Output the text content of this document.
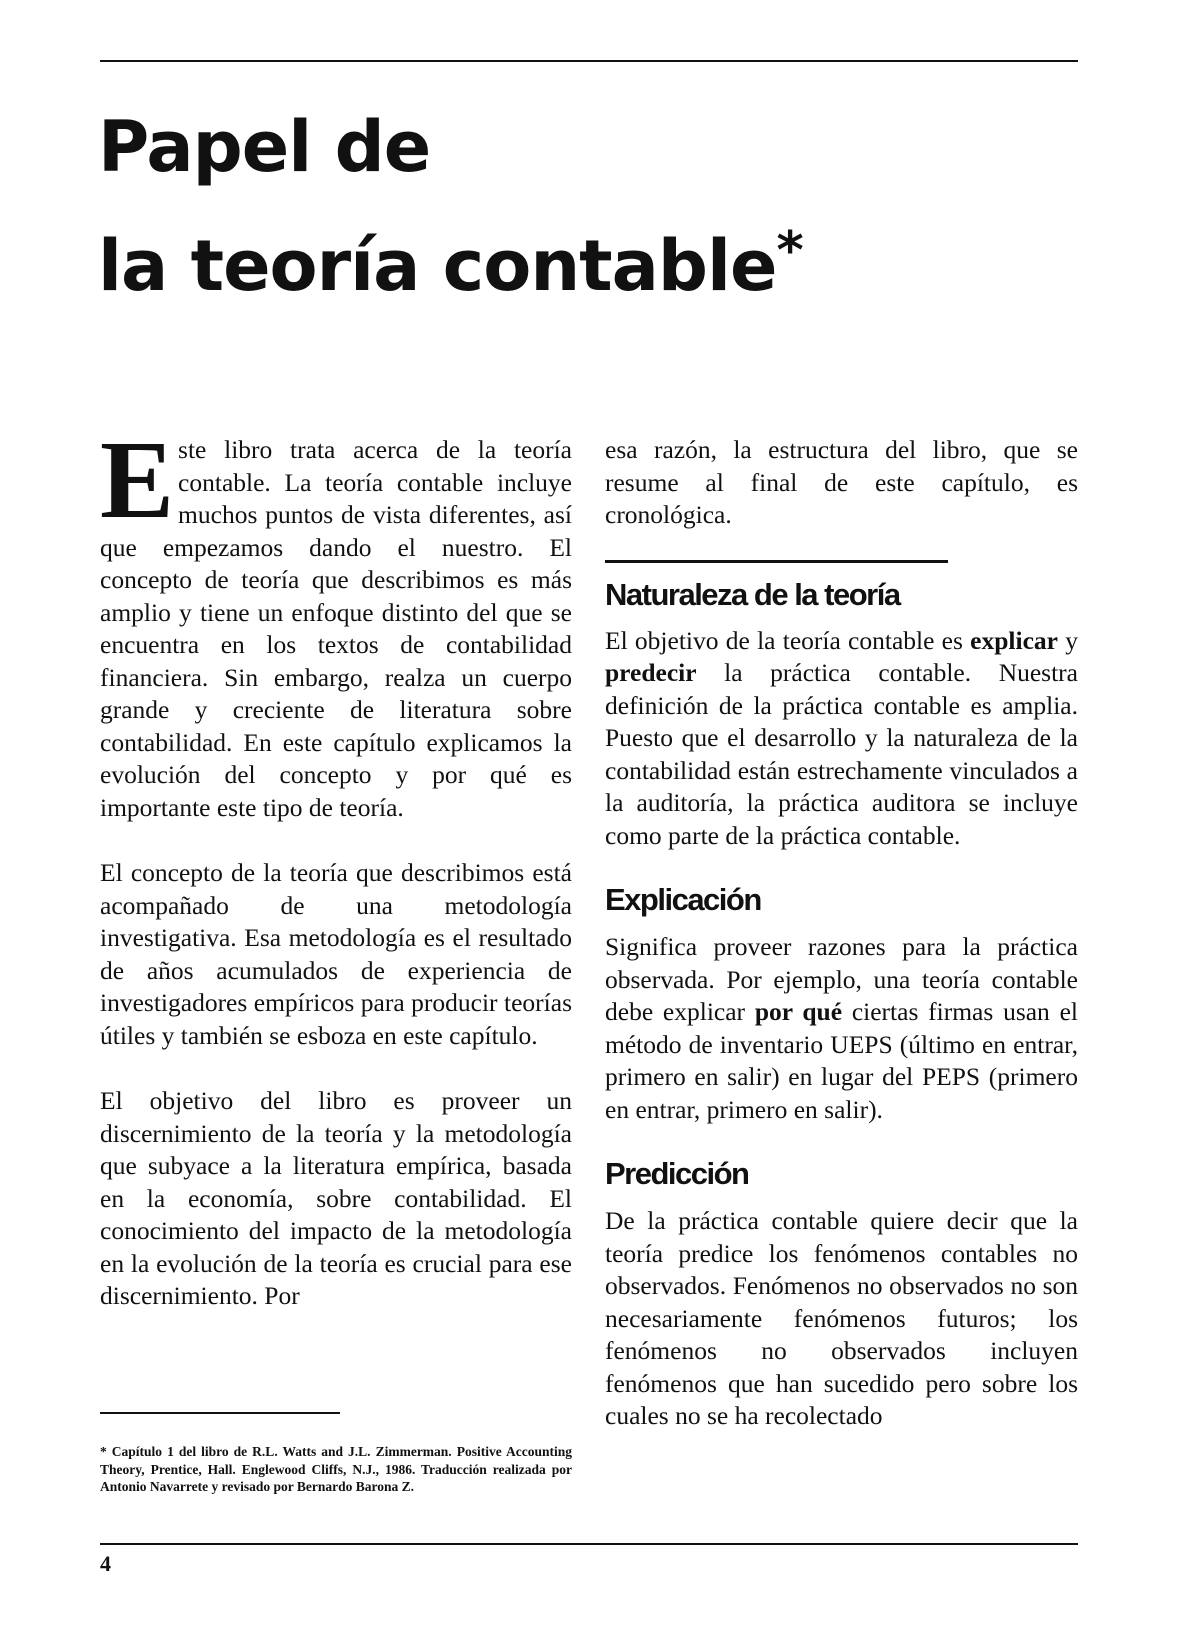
Papel de
la teoría contable*

Este libro trata acerca de la teoría contable. La teoría contable incluye muchos puntos de vista diferentes, así que empezamos dando el nuestro. El concepto de teoría que describimos es más amplio y tiene un enfoque distinto del que se encuentra en los textos de contabilidad financiera. Sin embargo, realza un cuerpo grande y creciente de literatura sobre contabilidad. En este capítulo explicamos la evolución del concepto y por qué es importante este tipo de teoría.

El concepto de la teoría que describimos está acompañado de una metodología investigativa. Esa metodología es el resultado de años acumulados de experiencia de investigadores empíricos para producir teorías útiles y también se esboza en este capítulo.

El objetivo del libro es proveer un discernimiento de la teoría y la metodología que subyace a la literatura empírica, basada en la economía, sobre contabilidad. El conocimiento del impacto de la metodología en la evolución de la teoría es crucial para ese discernimiento. Por

esa razón, la estructura del libro, que se resume al final de este capítulo, es cronológica.

Naturaleza de la teoría

El objetivo de la teoría contable es explicar y predecir la práctica contable. Nuestra definición de la práctica contable es amplia. Puesto que el desarrollo y la naturaleza de la contabilidad están estrechamente vinculados a la auditoría, la práctica auditora se incluye como parte de la práctica contable.

Explicación

Significa proveer razones para la práctica observada. Por ejemplo, una teoría contable debe explicar por qué ciertas firmas usan el método de inventario UEPS (último en entrar, primero en salir) en lugar del PEPS (primero en entrar, primero en salir).

Predicción

De la práctica contable quiere decir que la teoría predice los fenómenos contables no observados. Fenómenos no observados no son necesariamente fenómenos futuros; los fenómenos no observados incluyen fenómenos que han sucedido pero sobre los cuales no se ha recolectado

* Capítulo 1 del libro de R.L. Watts and J.L. Zimmerman. Positive Accounting Theory, Prentice, Hall. Englewood Cliffs, N.J., 1986. Traducción realizada por Antonio Navarrete y revisado por Bernardo Barona Z.

4
